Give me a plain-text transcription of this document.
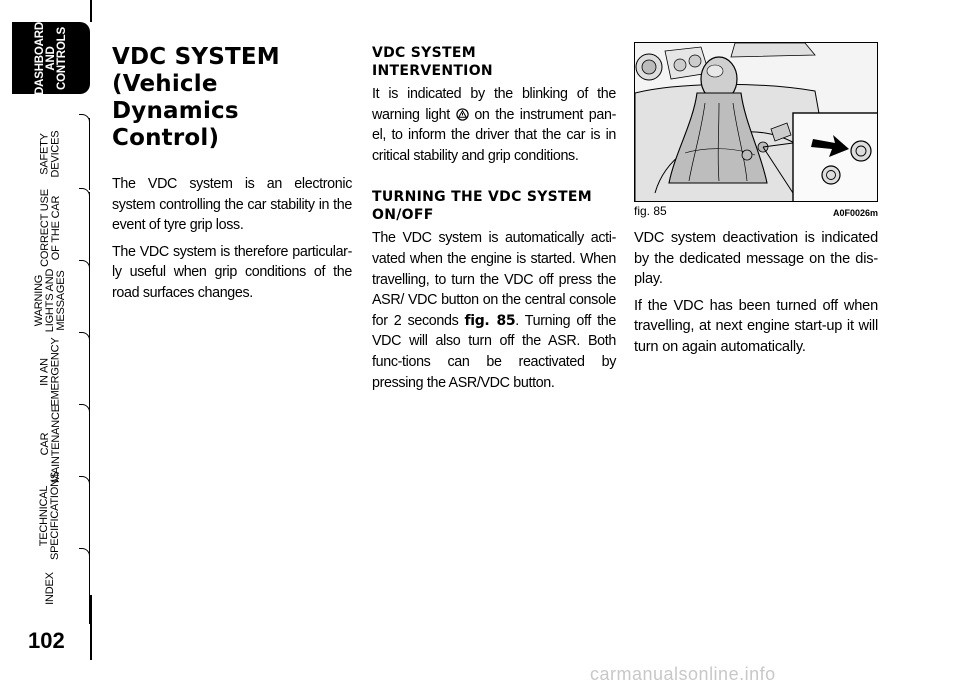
DASHBOARD
AND
CONTROLS
SAFETY
DEVICES
CORRECT USE
OF THE CAR
WARNING
LIGHTS AND
MESSAGES
IN AN
EMERGENCY
CAR
MAINTENANCE
TECHNICAL
SPECIFICATIONS
INDEX
102
VDC SYSTEM
(Vehicle Dynamics
Control)

The VDC system is an electronic system controlling the car stability in the event of tyre grip loss.

The VDC system is therefore particular-ly useful when grip conditions of the road surfaces changes.

VDC SYSTEM
INTERVENTION

It is indicated by the blinking of the warning light on the instrument pan-el, to inform the driver that the car is in critical stability and grip conditions.

TURNING THE VDC SYSTEM
ON/OFF

The VDC system is automatically acti-vated when the engine is started. When travelling, to turn the VDC off press the ASR/ VDC button on the central console for 2 seconds fig. 85. Turning off the VDC will also turn off the ASR. Both func-tions can be reactivated by pressing the ASR/VDC button.

fig. 85	A0F0026m

VDC system deactivation is indicated by the dedicated message on the dis-play.

If the VDC has been turned off when travelling, at next engine start-up it will turn on again automatically.

carmanualsonline.info
